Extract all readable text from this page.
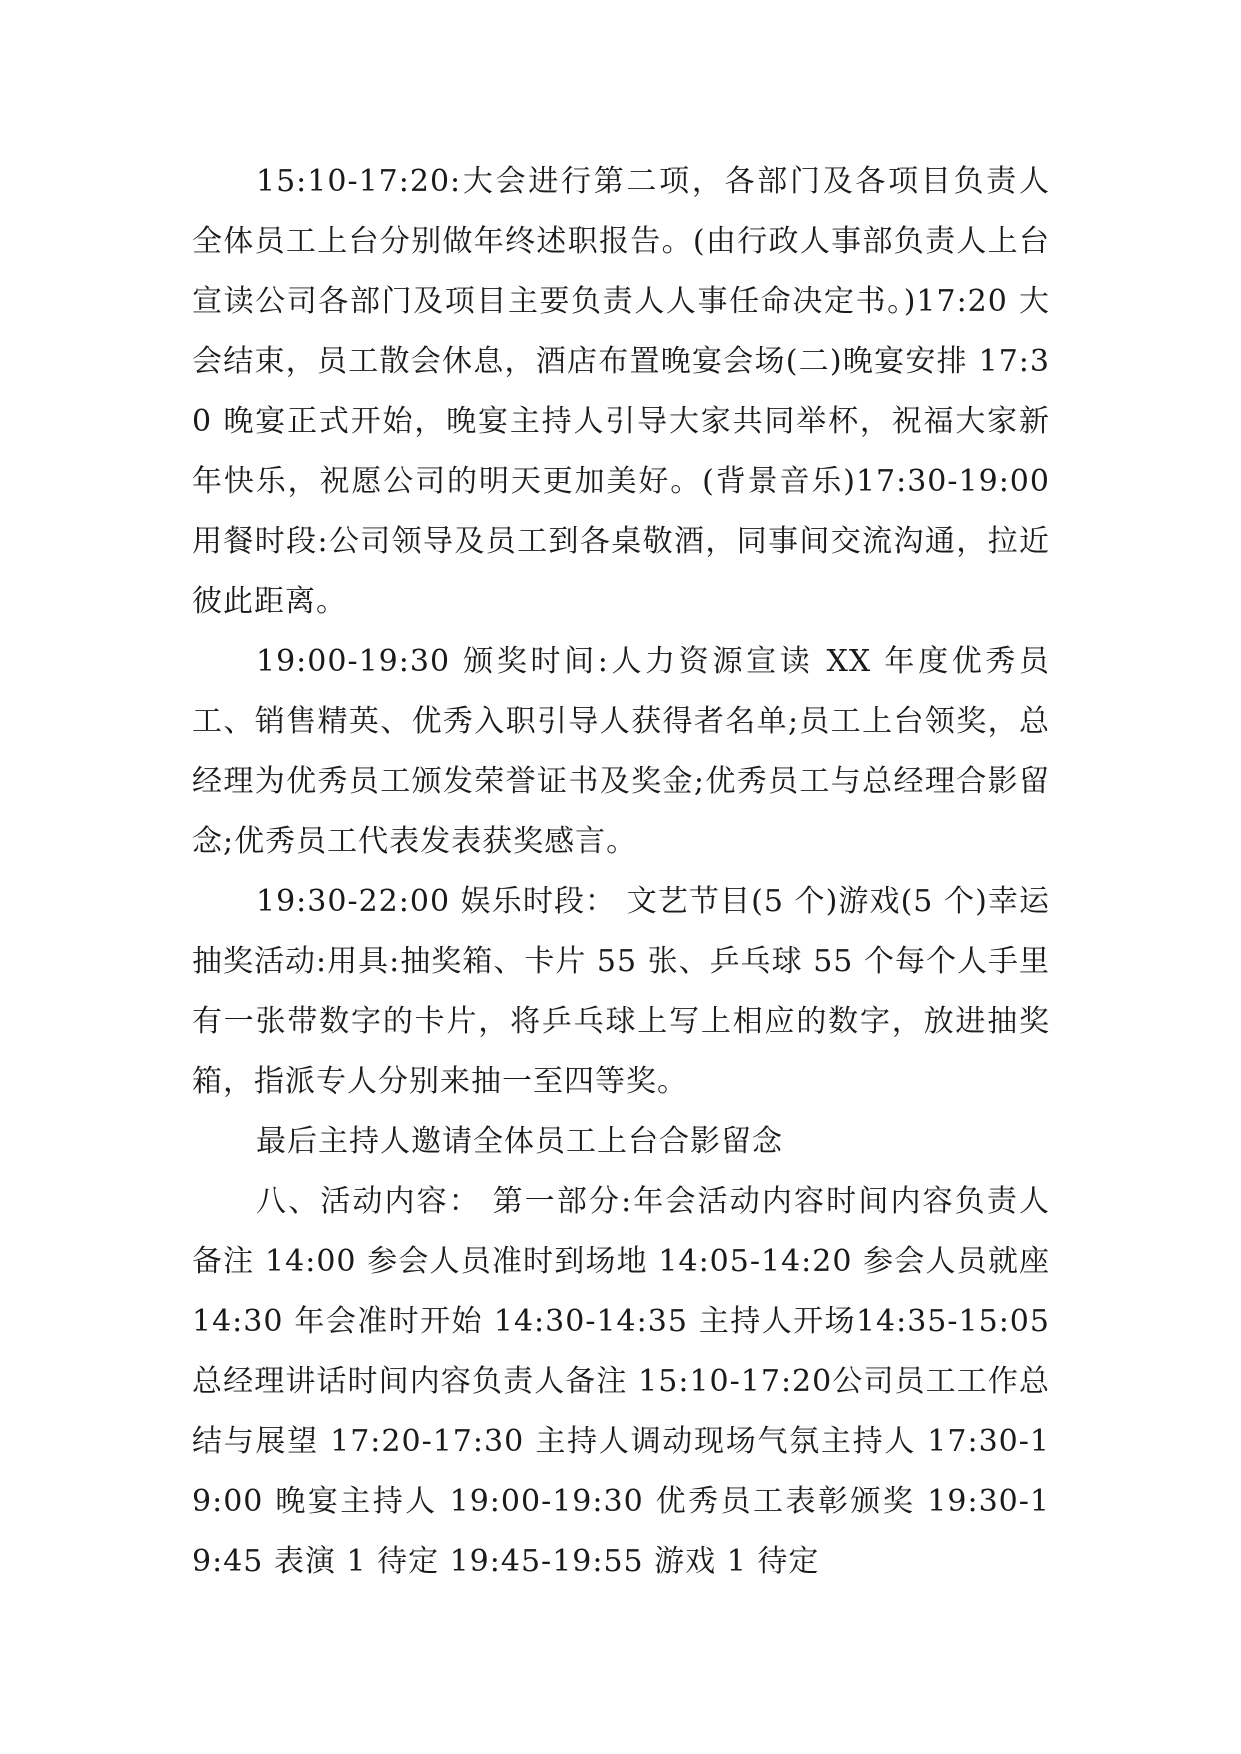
15:10-17:20:大会进行第二项，各部门及各项目负责人全体员工上台分别做年终述职报告。(由行政人事部负责人上台宣读公司各部门及项目主要负责人人事任命决定书。)17:20 大会结束，员工散会休息，酒店布置晚宴会场(二)晚宴安排 17:30 晚宴正式开始，晚宴主持人引导大家共同举杯，祝福大家新年快乐，祝愿公司的明天更加美好。(背景音乐)17:30-19:00 用餐时段:公司领导及员工到各桌敬酒，同事间交流沟通，拉近彼此距离。

19:00-19:30 颁奖时间:人力资源宣读 XX 年度优秀员工、销售精英、优秀入职引导人获得者名单;员工上台领奖，总经理为优秀员工颁发荣誉证书及奖金;优秀员工与总经理合影留念;优秀员工代表发表获奖感言。

19:30-22:00 娱乐时段： 文艺节目(5 个)游戏(5 个)幸运抽奖活动:用具:抽奖箱、卡片 55 张、乒乓球 55 个每个人手里有一张带数字的卡片，将乒乓球上写上相应的数字，放进抽奖箱，指派专人分别来抽一至四等奖。

最后主持人邀请全体员工上台合影留念

八、活动内容： 第一部分:年会活动内容时间内容负责人备注 14:00 参会人员准时到场地 14:05-14:20 参会人员就座 14:30 年会准时开始 14:30-14:35 主持人开场14:35-15:05 总经理讲话时间内容负责人备注 15:10-17:20公司员工工作总结与展望 17:20-17:30 主持人调动现场气氛主持人 17:30-19:00 晚宴主持人 19:00-19:30 优秀员工表彰颁奖 19:30-19:45 表演 1 待定 19:45-19:55 游戏 1 待定
